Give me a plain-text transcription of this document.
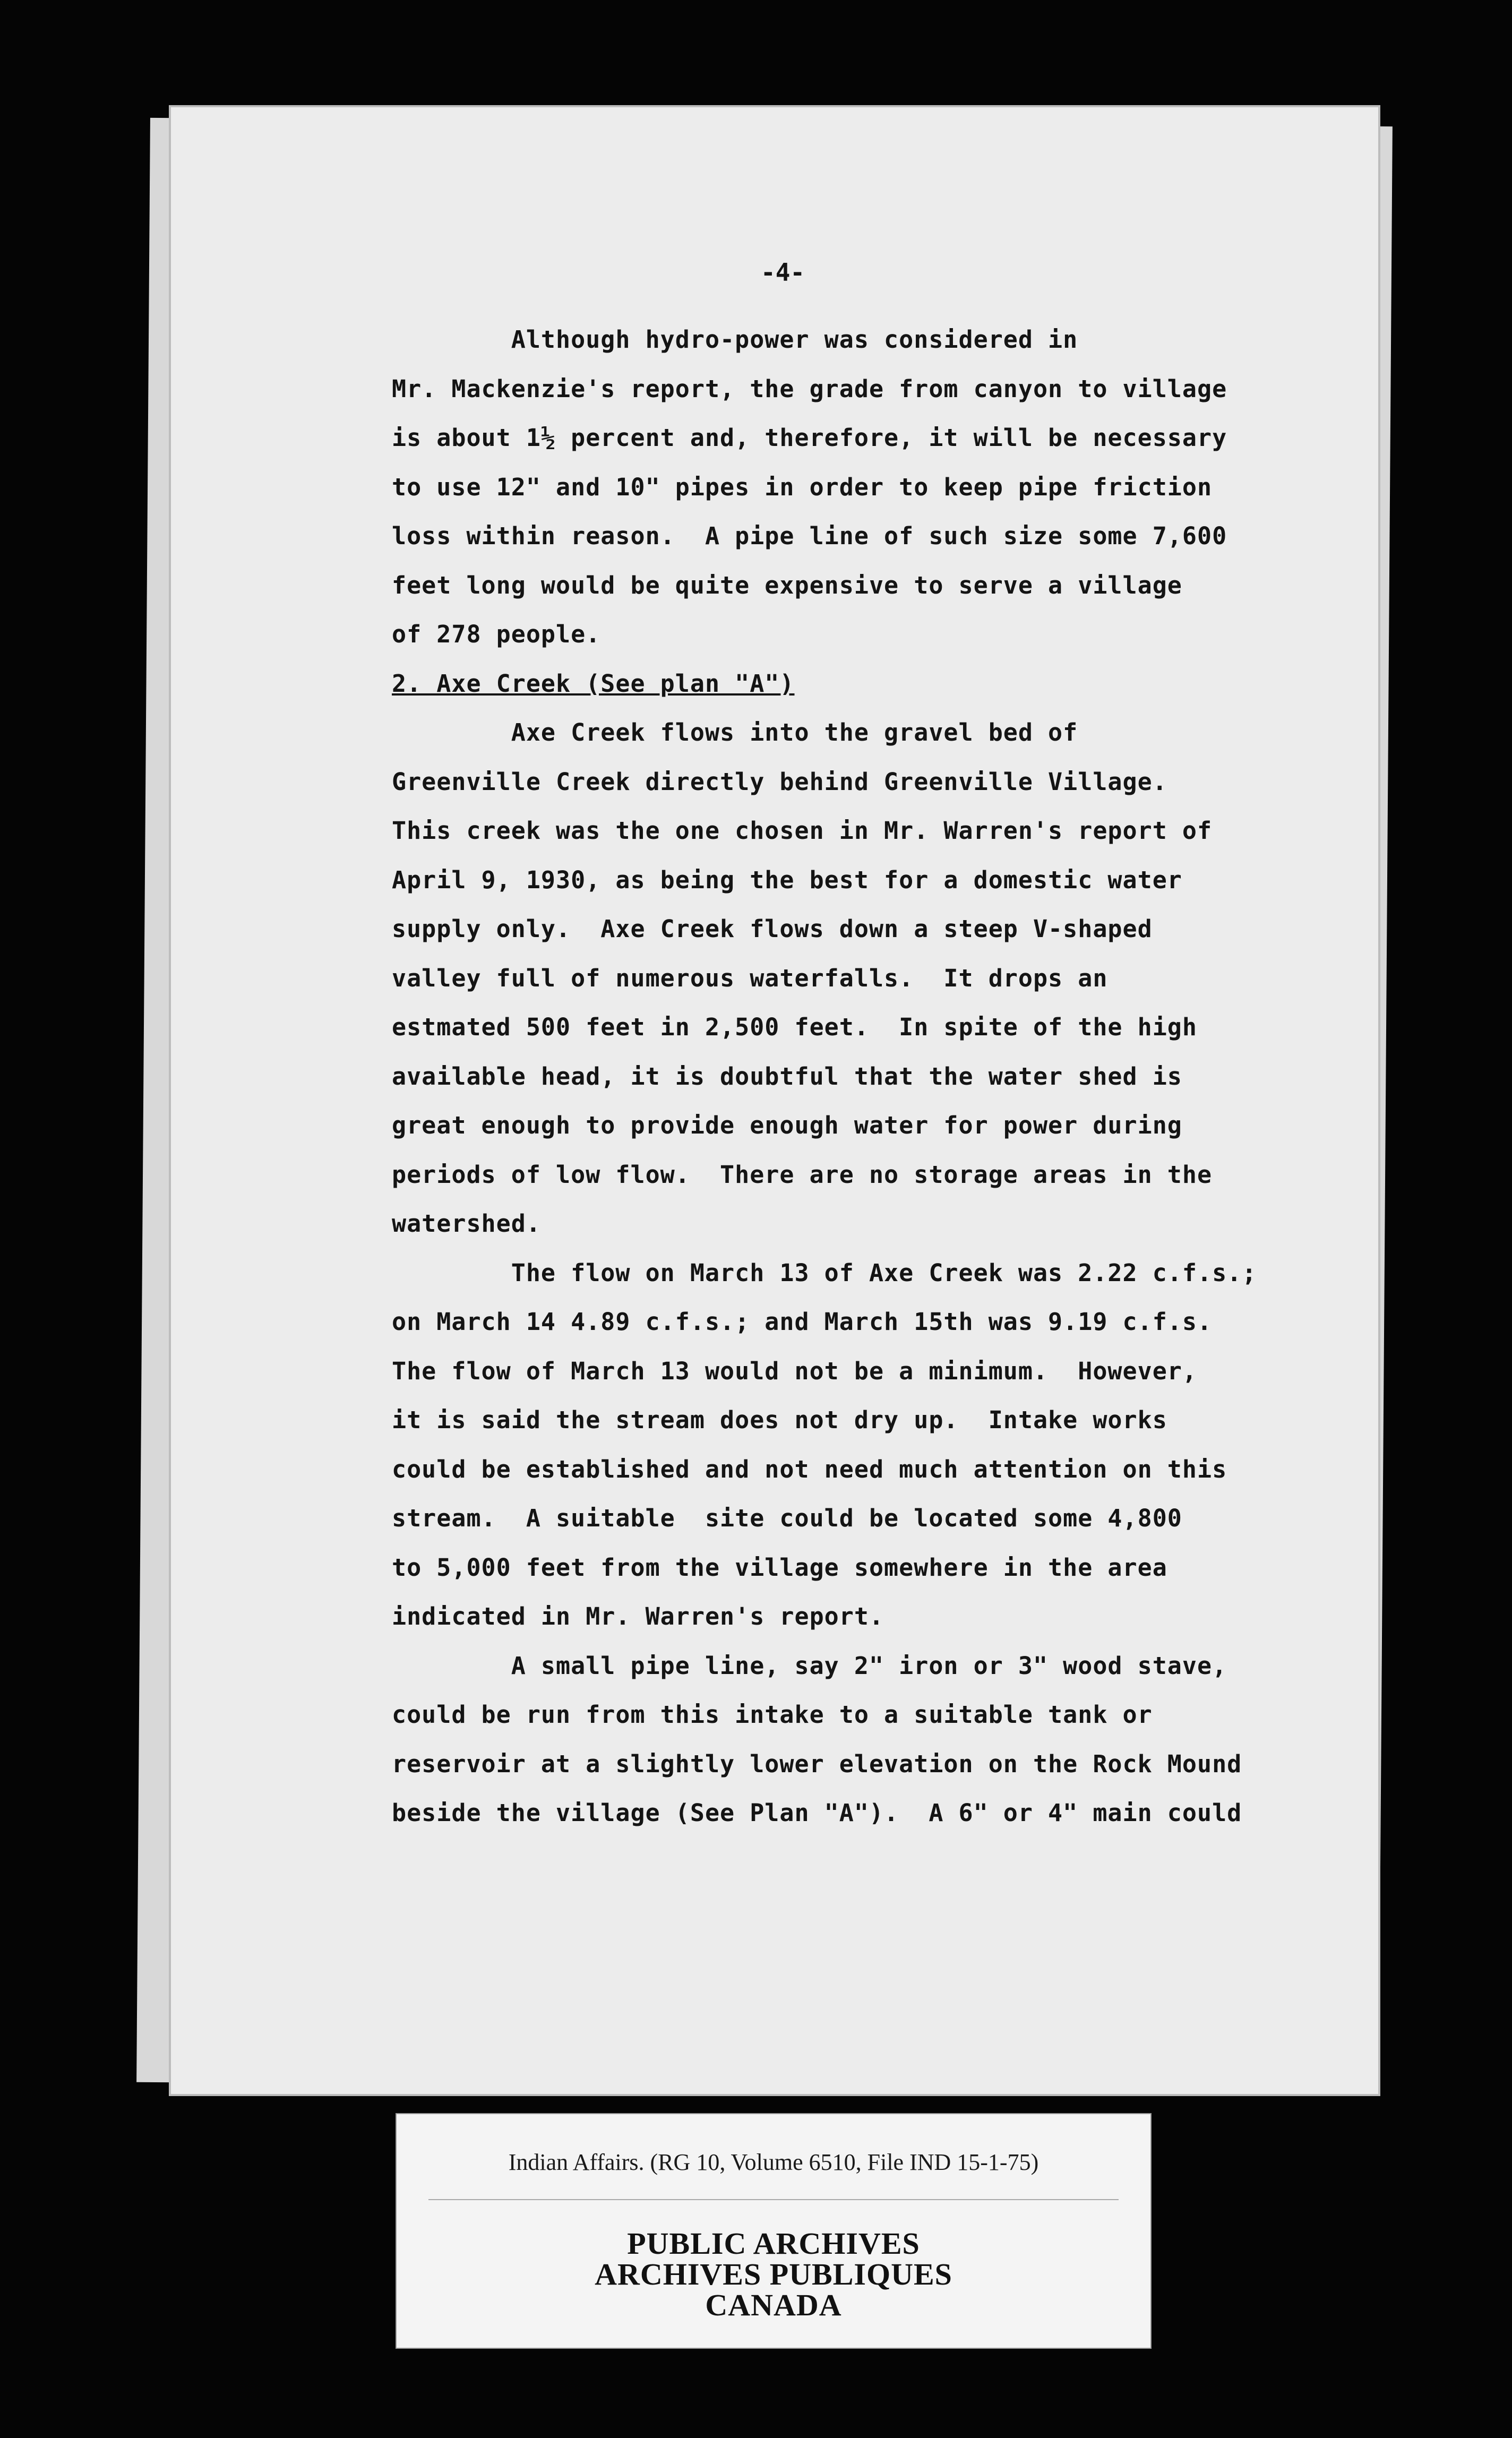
-4-
Although hydro-power was considered in
Mr. Mackenzie's report, the grade from canyon to village
is about 1½ percent and, therefore, it will be necessary
to use 12" and 10" pipes in order to keep pipe friction
loss within reason.  A pipe line of such size some 7,600
feet long would be quite expensive to serve a village
of 278 people.
2. Axe Creek (See plan "A")
Axe Creek flows into the gravel bed of
Greenville Creek directly behind Greenville Village.
This creek was the one chosen in Mr. Warren's report of
April 9, 1930, as being the best for a domestic water
supply only.  Axe Creek flows down a steep V-shaped
valley full of numerous waterfalls.  It drops an
estmated 500 feet in 2,500 feet.  In spite of the high
available head, it is doubtful that the water shed is
great enough to provide enough water for power during
periods of low flow.  There are no storage areas in the
watershed.
The flow on March 13 of Axe Creek was 2.22 c.f.s.;
on March 14 4.89 c.f.s.; and March 15th was 9.19 c.f.s.
The flow of March 13 would not be a minimum.  However,
it is said the stream does not dry up.  Intake works
could be established and not need much attention on this
stream.  A suitable  site could be located some 4,800
to 5,000 feet from the village somewhere in the area
indicated in Mr. Warren's report.
A small pipe line, say 2" iron or 3" wood stave,
could be run from this intake to a suitable tank or
reservoir at a slightly lower elevation on the Rock Mound
beside the village (See Plan "A").  A 6" or 4" main could
Indian Affairs. (RG 10, Volume 6510, File IND 15-1-75)
PUBLIC ARCHIVES
ARCHIVES PUBLIQUES
CANADA
